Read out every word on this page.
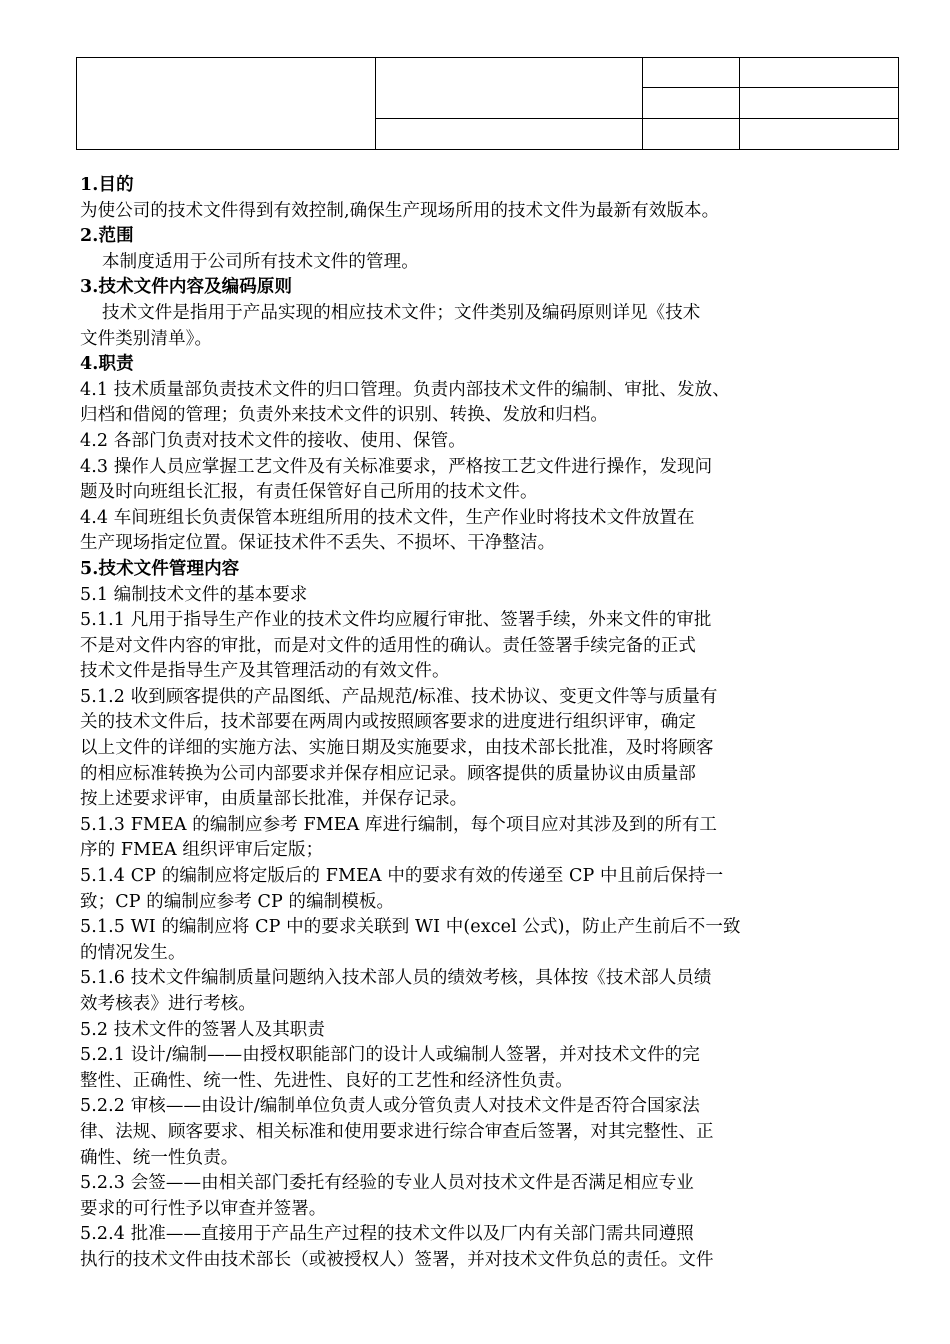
1.目的
为使公司的技术文件得到有效控制,确保生产现场所用的技术文件为最新有效版本。
2.范围
本制度适用于公司所有技术文件的管理。
3.技术文件内容及编码原则
技术文件是指用于产品实现的相应技术文件；文件类别及编码原则详见《技术
文件类别清单》。
4.职责
4.1 技术质量部负责技术文件的归口管理。负责内部技术文件的编制、审批、发放、
归档和借阅的管理；负责外来技术文件的识别、转换、发放和归档。
4.2 各部门负责对技术文件的接收、使用、保管。
4.3 操作人员应掌握工艺文件及有关标准要求，严格按工艺文件进行操作，发现问
题及时向班组长汇报，有责任保管好自己所用的技术文件。
4.4 车间班组长负责保管本班组所用的技术文件，生产作业时将技术文件放置在
生产现场指定位置。保证技术件不丢失、不损坏、干净整洁。
5.技术文件管理内容
5.1 编制技术文件的基本要求
5.1.1 凡用于指导生产作业的技术文件均应履行审批、签署手续，外来文件的审批
不是对文件内容的审批，而是对文件的适用性的确认。责任签署手续完备的正式
技术文件是指导生产及其管理活动的有效文件。
5.1.2 收到顾客提供的产品图纸、产品规范/标准、技术协议、变更文件等与质量有
关的技术文件后，技术部要在两周内或按照顾客要求的进度进行组织评审，确定
以上文件的详细的实施方法、实施日期及实施要求，由技术部长批准，及时将顾客
的相应标准转换为公司内部要求并保存相应记录。顾客提供的质量协议由质量部
按上述要求评审，由质量部长批准，并保存记录。
5.1.3 FMEA 的编制应参考 FMEA 库进行编制，每个项目应对其涉及到的所有工
序的 FMEA 组织评审后定版；
5.1.4 CP 的编制应将定版后的 FMEA 中的要求有效的传递至 CP 中且前后保持一
致；CP 的编制应参考 CP 的编制模板。
5.1.5 WI 的编制应将 CP 中的要求关联到 WI 中(excel 公式)，防止产生前后不一致
的情况发生。
5.1.6 技术文件编制质量问题纳入技术部人员的绩效考核，具体按《技术部人员绩
效考核表》进行考核。
5.2 技术文件的签署人及其职责
5.2.1 设计/编制——由授权职能部门的设计人或编制人签署，并对技术文件的完
整性、正确性、统一性、先进性、良好的工艺性和经济性负责。
5.2.2 审核——由设计/编制单位负责人或分管负责人对技术文件是否符合国家法
律、法规、顾客要求、相关标准和使用要求进行综合审查后签署，对其完整性、正
确性、统一性负责。
5.2.3 会签——由相关部门委托有经验的专业人员对技术文件是否满足相应专业
要求的可行性予以审查并签署。
5.2.4 批准——直接用于产品生产过程的技术文件以及厂内有关部门需共同遵照
执行的技术文件由技术部长（或被授权人）签署，并对技术文件负总的责任。文件
